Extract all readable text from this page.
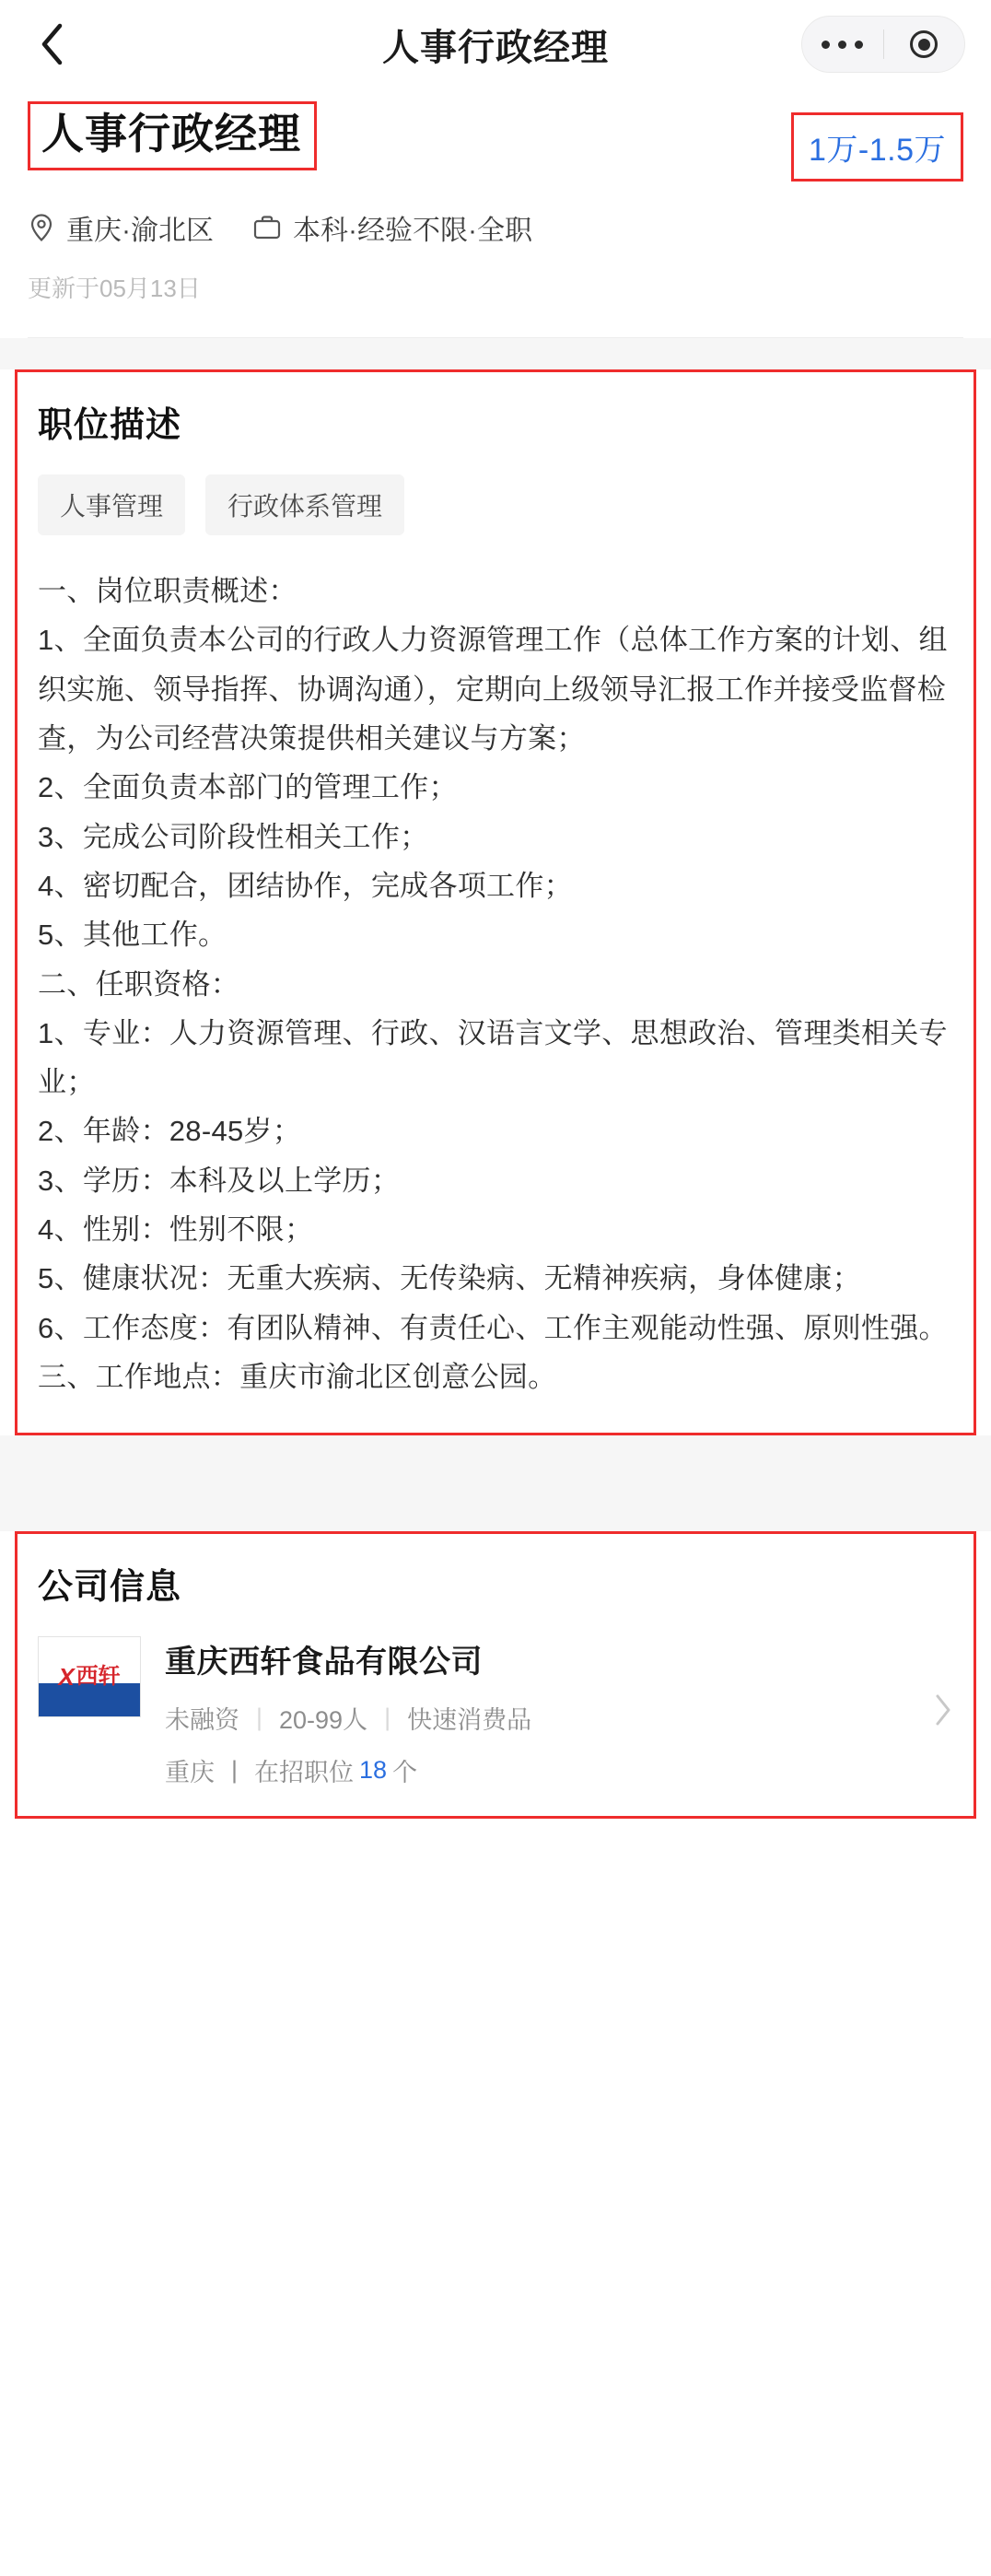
人事行政经理
人事行政经理	1万-1.5万
重庆·渝北区	本科·经验不限·全职
更新于05月13日
职位描述
人事管理	行政体系管理

一、岗位职责概述：

1、全面负责本公司的行政人力资源管理工作（总体工作方案的计划、组织实施、领导指挥、协调沟通），定期向上级领导汇报工作并接受监督检查，为公司经营决策提供相关建议与方案；

2、全面负责本部门的管理工作；

3、完成公司阶段性相关工作；

4、密切配合，团结协作，完成各项工作；

5、其他工作。

二、任职资格：

1、专业：人力资源管理、行政、汉语言文学、思想政治、管理类相关专业；

2、年龄：28-45岁；

3、学历：本科及以上学历；

4、性别：性别不限；

5、健康状况：无重大疾病、无传染病、无精神疾病，身体健康；

6、工作态度：有团队精神、有责任心、工作主观能动性强、原则性强。

三、工作地点：重庆市渝北区创意公园。

公司信息
X 西轩 重庆西轩食品有限公司
未融资 | 20-99人 | 快速消费品
重庆 | 在招职位 18 个
